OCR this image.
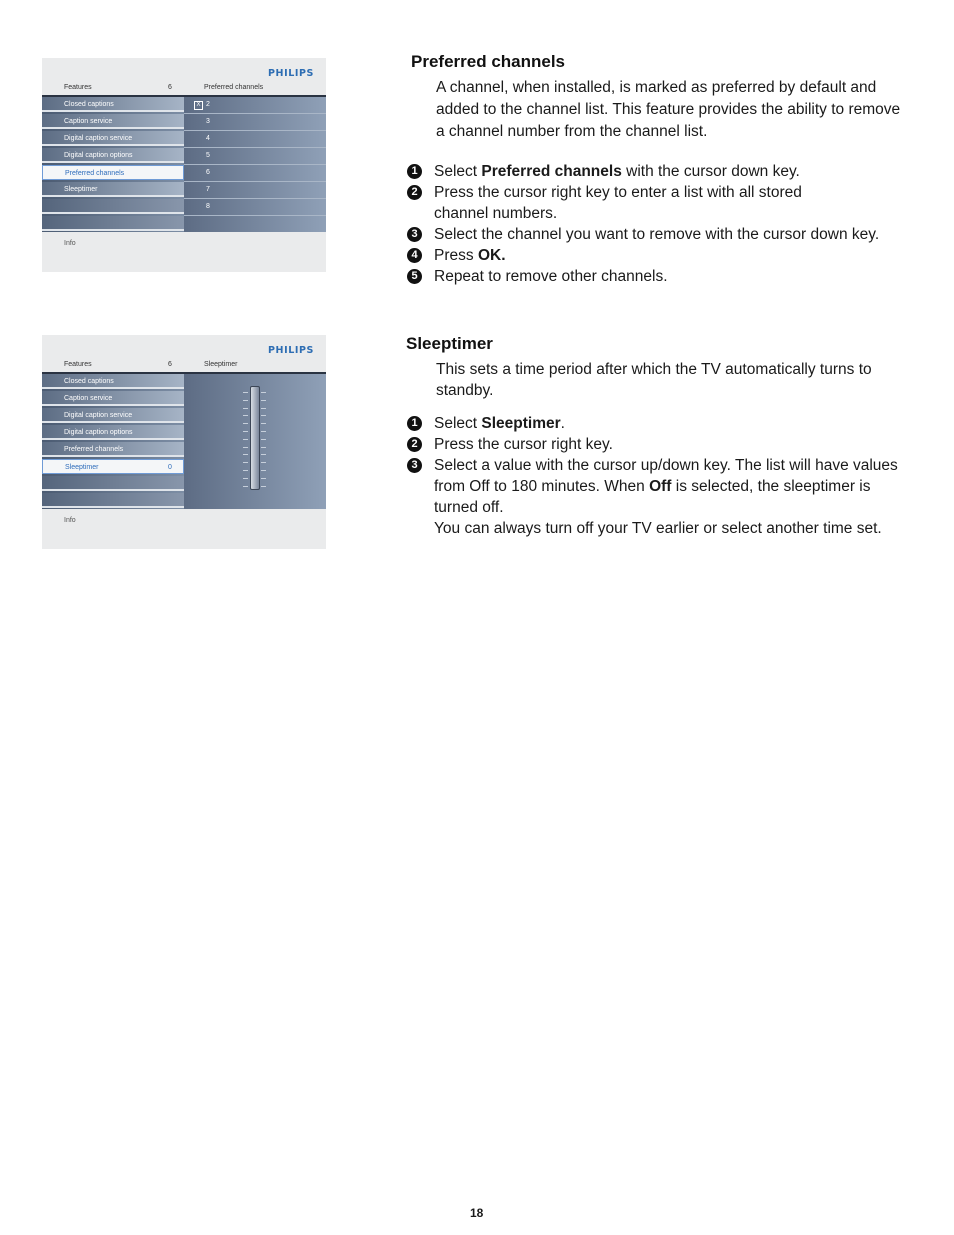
PHILIPS
Features	6	Preferred channels
Closed captions
Caption service
Digital caption service
Digital caption options
Preferred channels
Sleeptimer
X 2
3
4
5
6
7
8
Info
PHILIPS
Features	6	Sleeptimer
Closed captions
Caption service
Digital caption service
Digital caption options
Preferred channels
Sleeptimer	0
Info
Preferred channels

A channel, when installed, is marked as preferred by default and added to the channel list. This feature provides the ability to remove a channel number from the channel list.

1 Select Preferred channels with the cursor down key.
2 Press the cursor right key to enter a list with all stored channel numbers.
3 Select the channel you want to remove with the cursor down key.
4 Press OK.
5 Repeat to remove other channels.
Sleeptimer

This sets a time period after which the TV automatically turns to standby.

1 Select Sleeptimer.
2 Press the cursor right key.
3 Select a value with the cursor up/down key. The list will have values from Off to 180 minutes. When Off is selected, the sleeptimer is turned off.
You can always turn off your TV earlier or select another time set.
18
